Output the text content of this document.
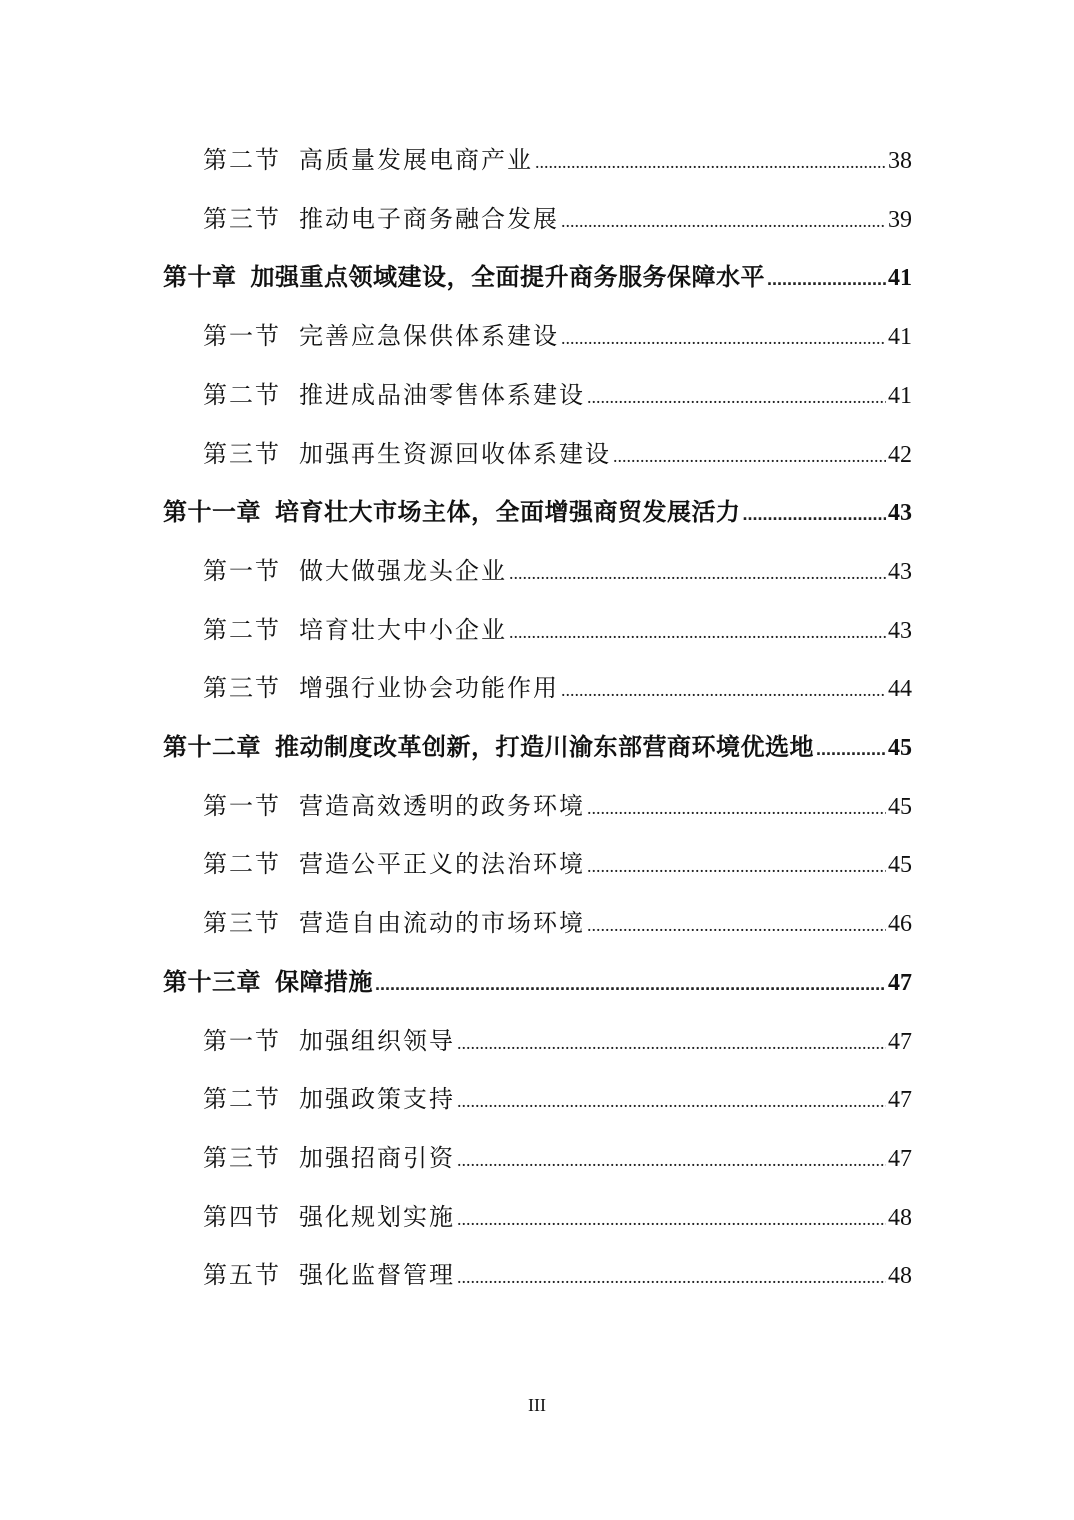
第二节 高质量发展电商产业 .....	38
第三节 推动电子商务融合发展 .....	39
第十章 加强重点领域建设，全面提升商务服务保障水平 .....	41
第一节 完善应急保供体系建设 .....	41
第二节 推进成品油零售体系建设 .....	41
第三节 加强再生资源回收体系建设 .....	42
第十一章 培育壮大市场主体，全面增强商贸发展活力 .....	43
第一节 做大做强龙头企业 .....	43
第二节 培育壮大中小企业 .....	43
第三节 增强行业协会功能作用 .....	44
第十二章 推动制度改革创新，打造川渝东部营商环境优选地 .....	45
第一节 营造高效透明的政务环境 .....	45
第二节 营造公平正义的法治环境 .....	45
第三节 营造自由流动的市场环境 .....	46
第十三章 保障措施 .....	47
第一节 加强组织领导 .....	47
第二节 加强政策支持 .....	47
第三节 加强招商引资 .....	47
第四节 强化规划实施 .....	48
第五节 强化监督管理 .....	48
III
